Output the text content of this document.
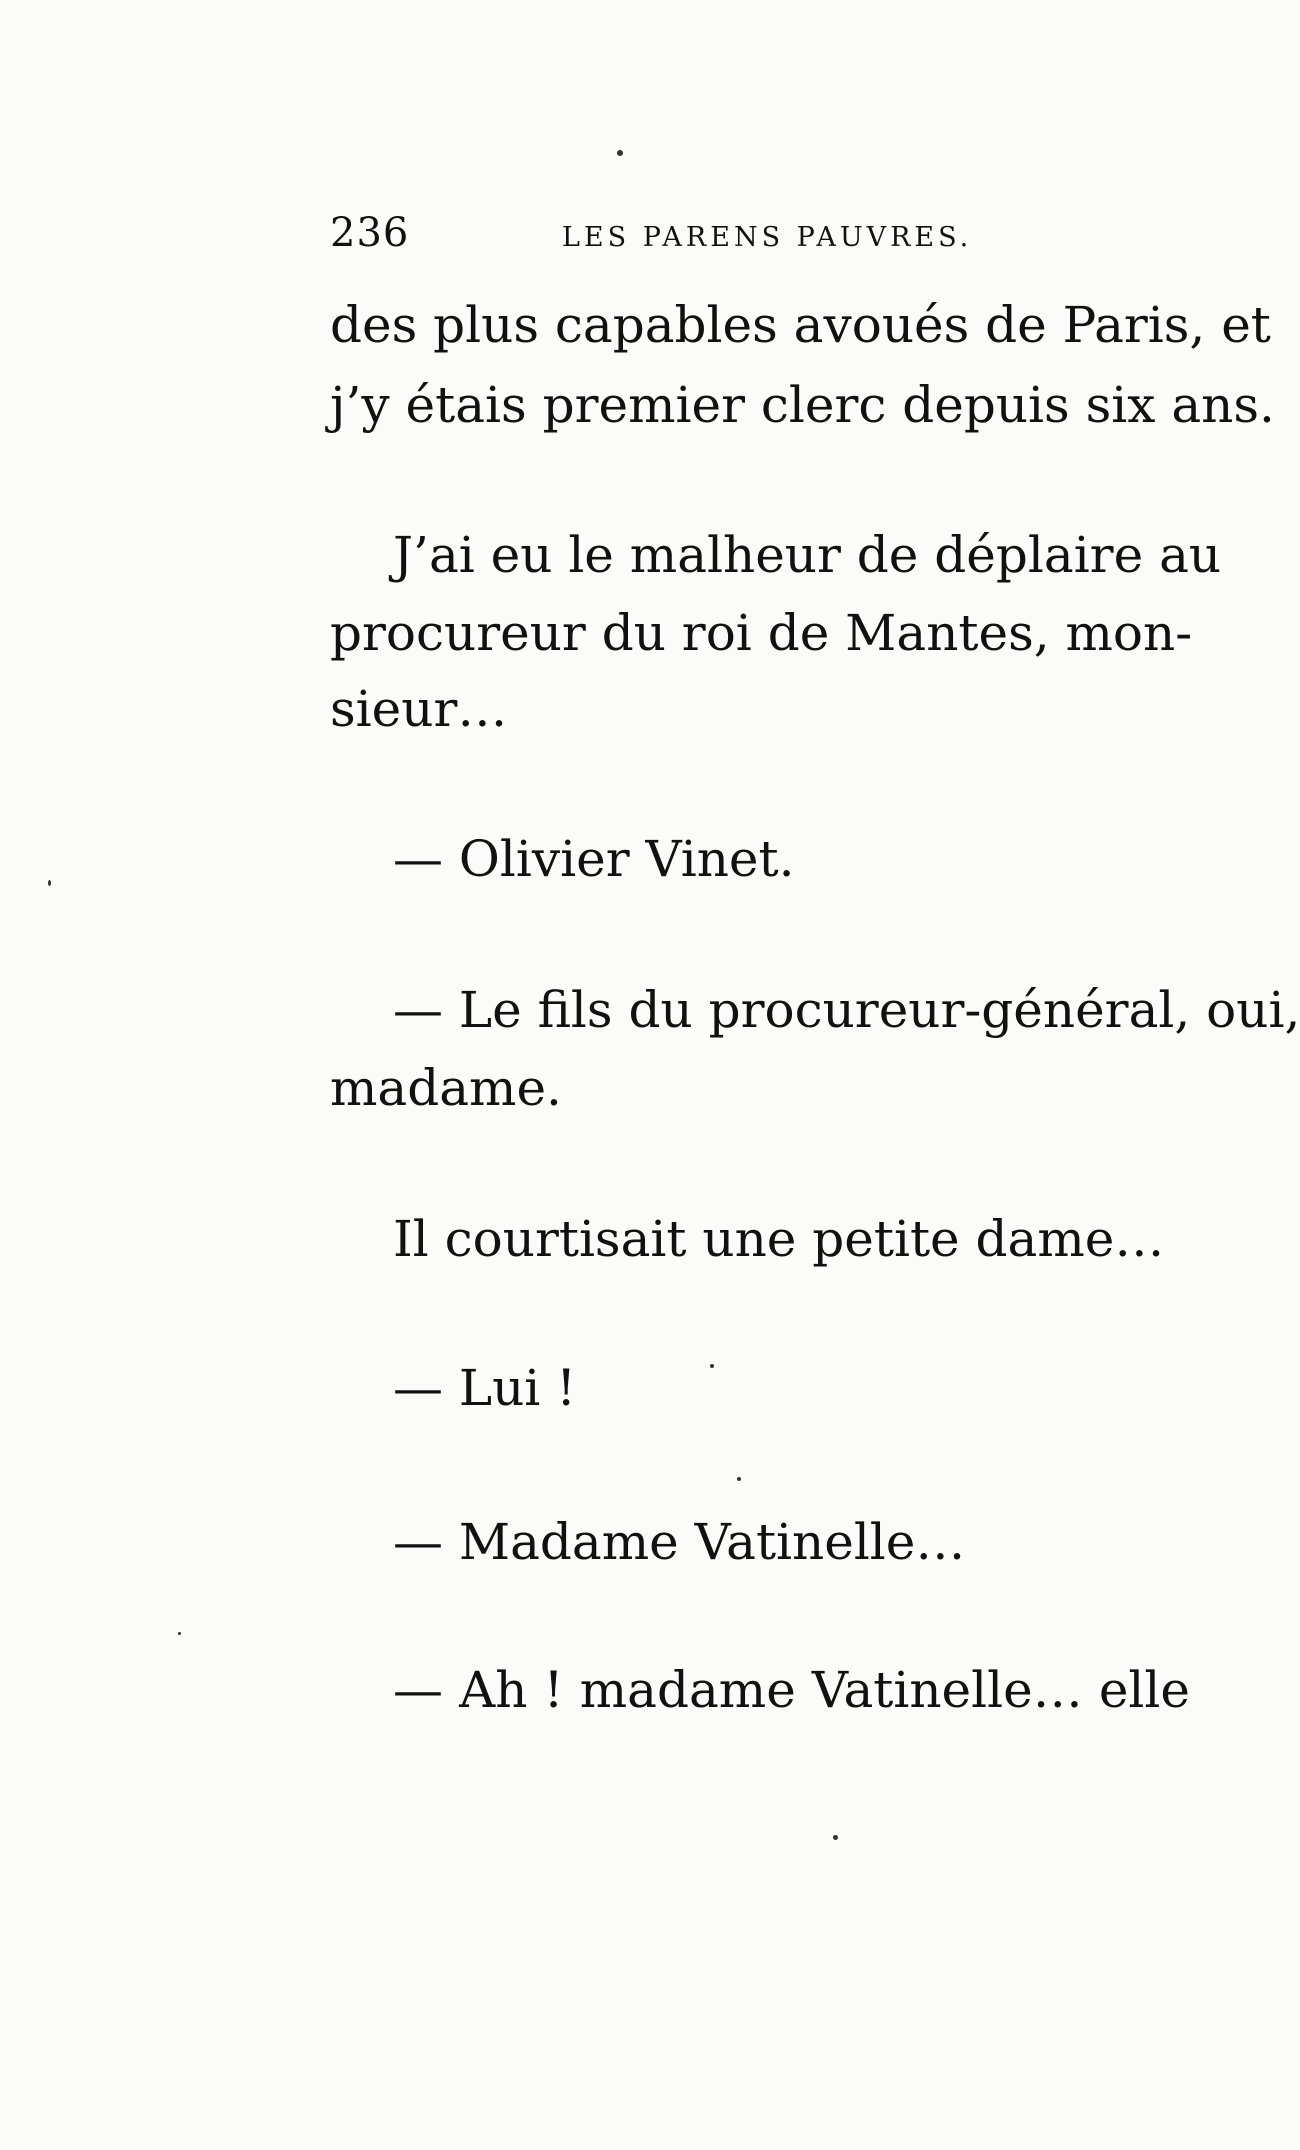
236	LES PARENS PAUVRES.
des plus capables avoués de Paris, et
j’y étais premier clerc depuis six ans.
J’ai eu le malheur de déplaire au
procureur du roi de Mantes, mon-
sieur…
— Olivier Vinet.
— Le fils du procureur-général, oui,
madame.
Il courtisait une petite dame…
— Lui !
— Madame Vatinelle…
— Ah ! madame Vatinelle… elle
